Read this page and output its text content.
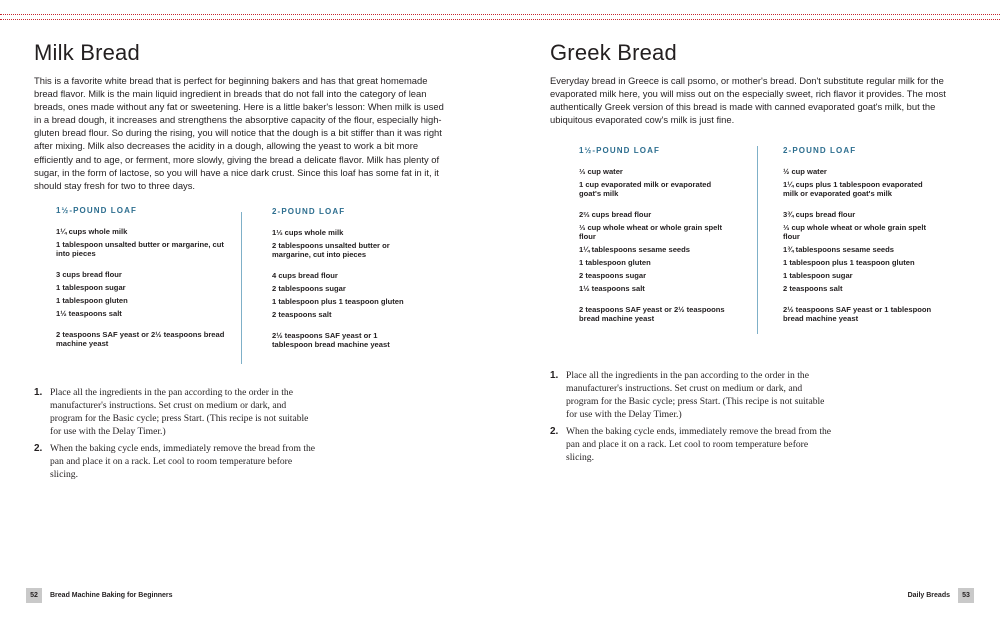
Milk Bread

This is a favorite white bread that is perfect for beginning bakers and has that great homemade bread flavor. Milk is the main liquid ingredient in breads that do not fall into the category of lean breads, ones made without any fat or sweetening. Here is a little baker's lesson: When milk is used in a bread dough, it increases and strengthens the absorptive capacity of the flour, especially high-gluten bread flour. So during the rising, you will notice that the dough is a bit stiffer than it was right after mixing. Milk also decreases the acidity in a dough, allowing the yeast to work a bit more efficiently and to age, or ferment, more slowly, giving the bread a delicate flavor. Milk has plenty of sugar, in the form of lactose, so you will have a nice dark crust. Since this loaf has some fat in it, it should stay fresh for two to three days.

1½-POUND LOAF
1¼ cups whole milk
1 tablespoon unsalted butter or margarine, cut into pieces
3 cups bread flour
1 tablespoon sugar
1 tablespoon gluten
1½ teaspoons salt
2 teaspoons SAF yeast or 2½ teaspoons bread machine yeast
2-POUND LOAF
1⅓ cups whole milk
2 tablespoons unsalted butter or margarine, cut into pieces
4 cups bread flour
2 tablespoons sugar
1 tablespoon plus 1 teaspoon gluten
2 teaspoons salt
2½ teaspoons SAF yeast or 1 tablespoon bread machine yeast
1. Place all the ingredients in the pan according to the order in the manufacturer's instructions. Set crust on medium or dark, and program for the Basic cycle; press Start. (This recipe is not suitable for use with the Delay Timer.)
2. When the baking cycle ends, immediately remove the bread from the pan and place it on a rack. Let cool to room temperature before slicing.
52	Bread Machine Baking for Beginners
Greek Bread

Everyday bread in Greece is call psomo, or mother's bread. Don't substitute regular milk for the evaporated milk here, you will miss out on the especially sweet, rich flavor it provides. The most authentically Greek version of this bread is made with canned evaporated goat's milk, but the ubiquitous evaporated cow's milk is just fine.

1½-POUND LOAF
⅓ cup water
1 cup evaporated milk or evaporated goat's milk
2⅔ cups bread flour
⅓ cup whole wheat or whole grain spelt flour
1¼ tablespoons sesame seeds
1 tablespoon gluten
2 teaspoons sugar
1½ teaspoons salt
2 teaspoons SAF yeast or 2½ teaspoons bread machine yeast
2-POUND LOAF
½ cup water
1¼ cups plus 1 tablespoon evaporated milk or evaporated goat's milk
3¾ cups bread flour
⅓ cup whole wheat or whole grain spelt flour
1¾ tablespoons sesame seeds
1 tablespoon plus 1 teaspoon gluten
1 tablespoon sugar
2 teaspoons salt
2½ teaspoons SAF yeast or 1 tablespoon bread machine yeast
1. Place all the ingredients in the pan according to the order in the manufacturer's instructions. Set crust on medium or dark, and program for the Basic cycle; press Start. (This recipe is not suitable for use with the Delay Timer.)
2. When the baking cycle ends, immediately remove the bread from the pan and place it on a rack. Let cool to room temperature before slicing.
Daily Breads	53
